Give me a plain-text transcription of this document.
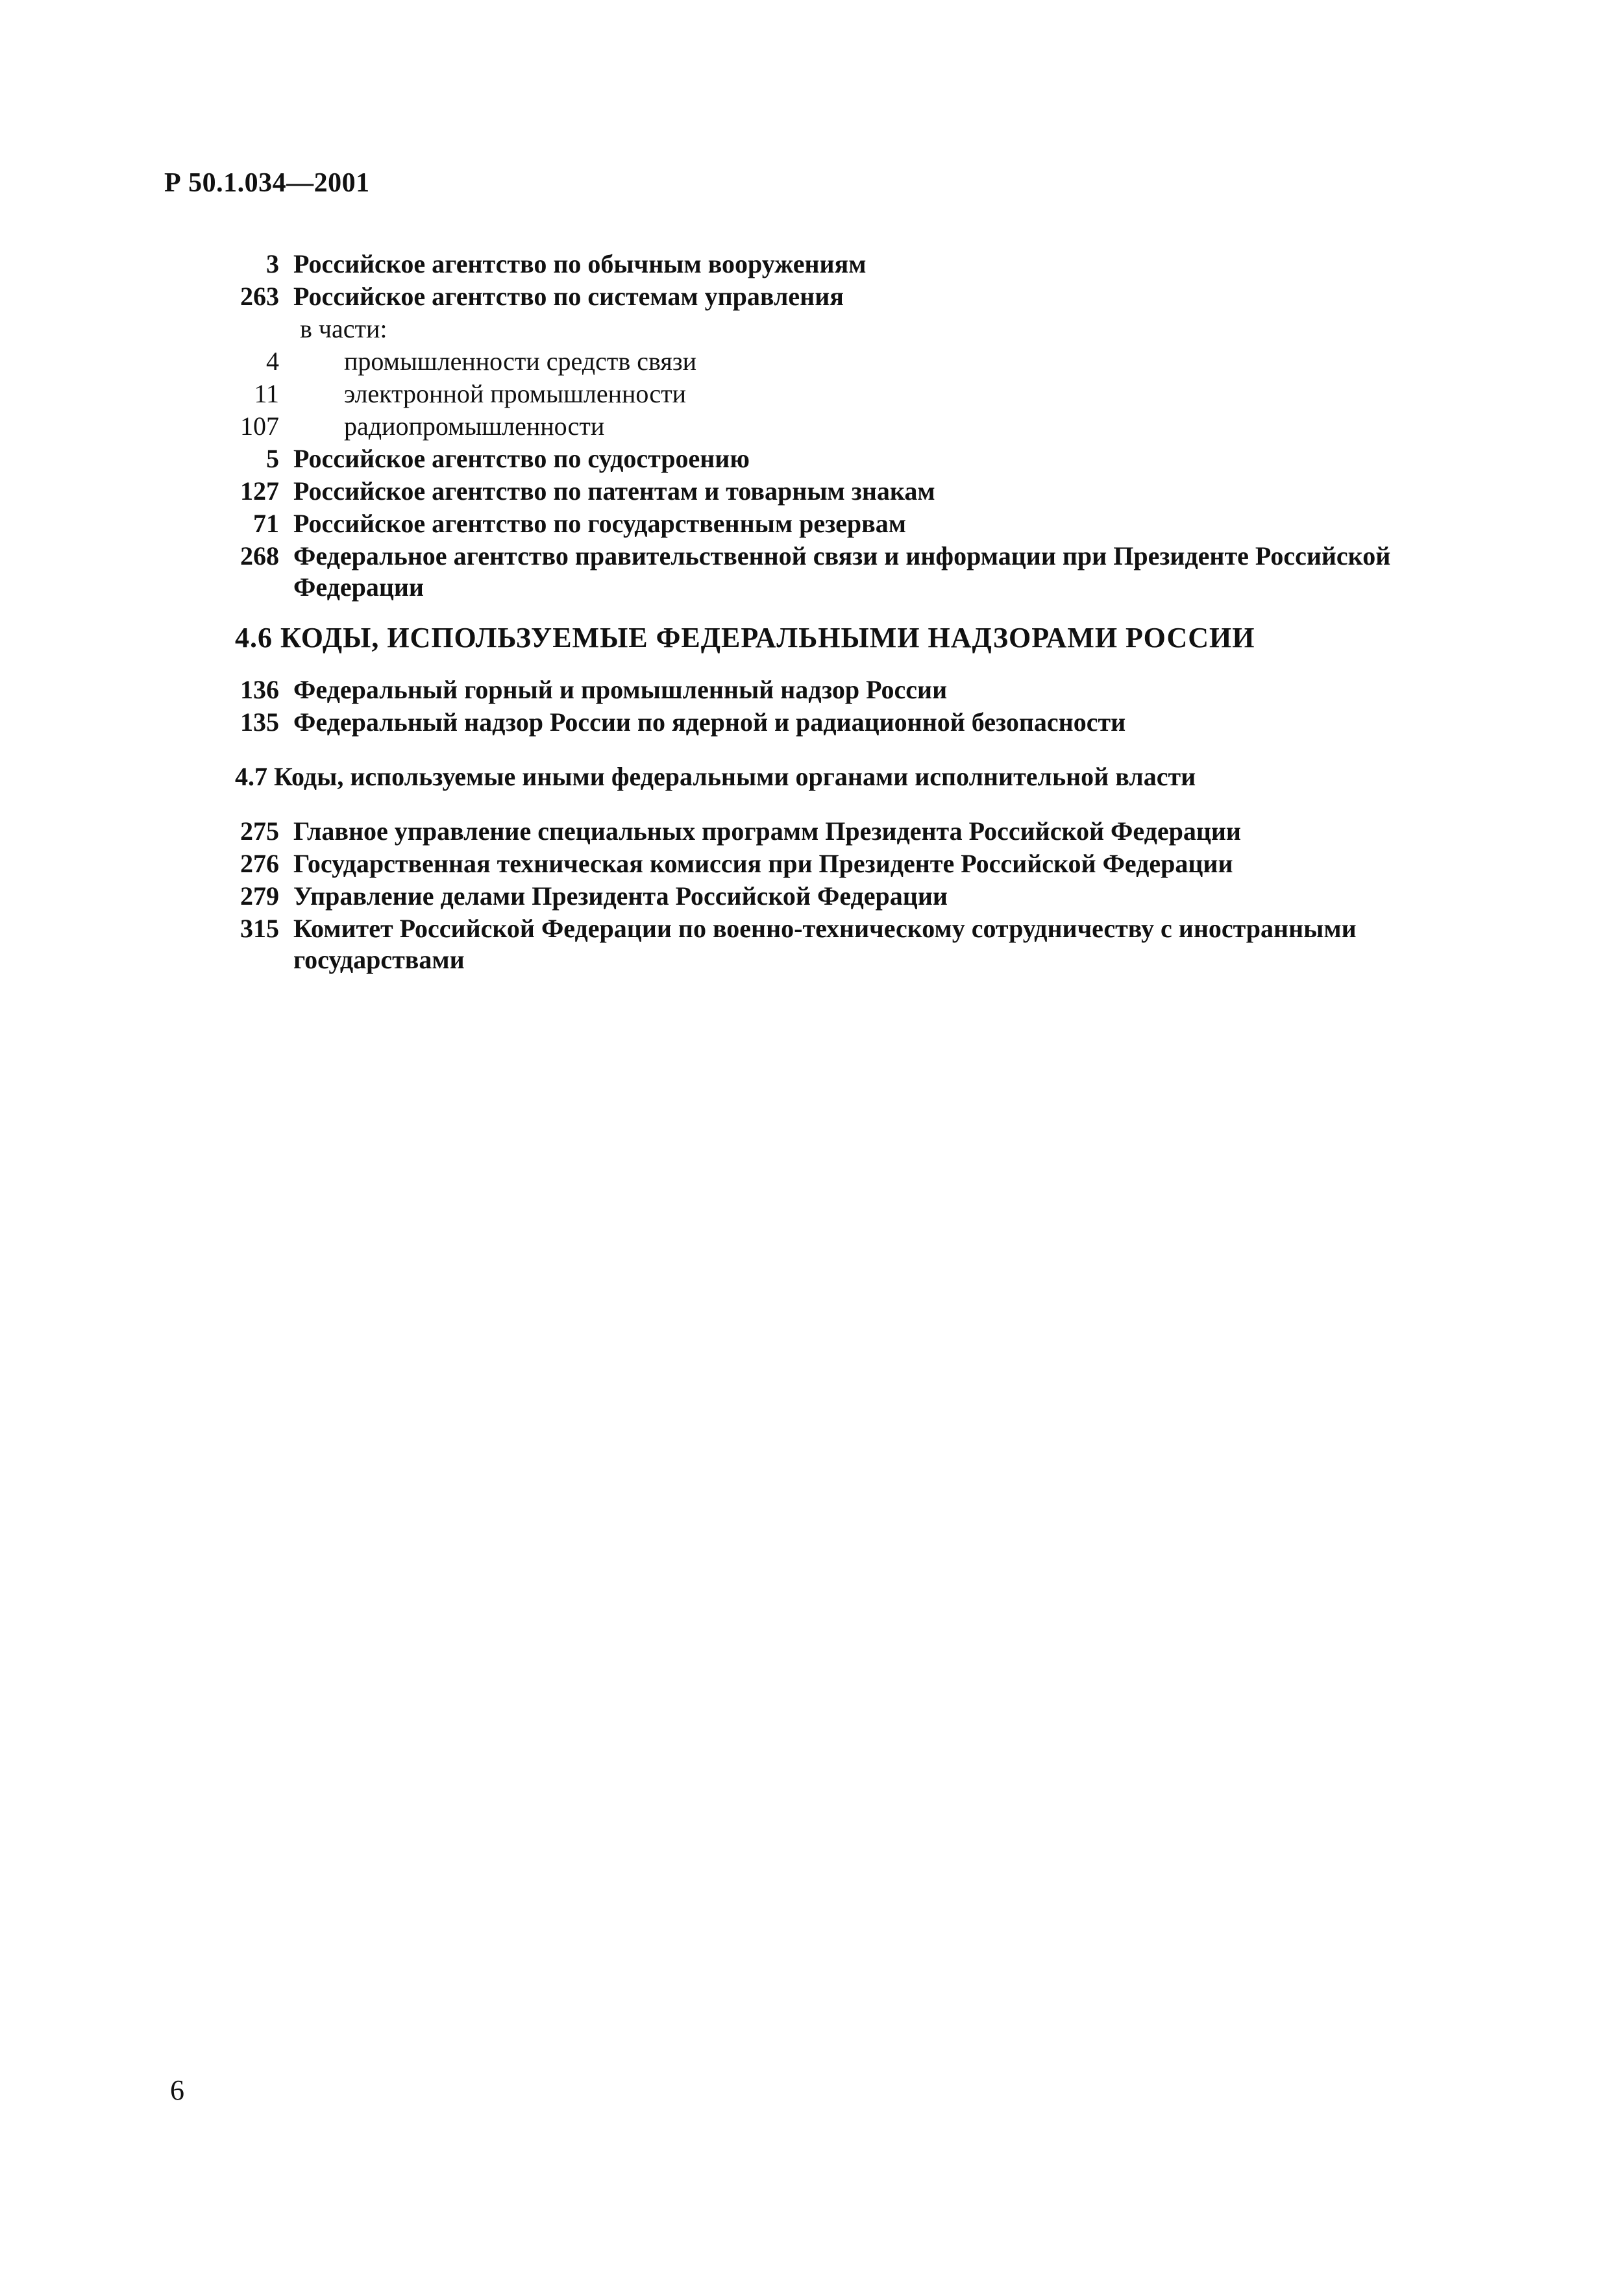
Р 50.1.034—2001
3 Российское агентство по обычным вооружениям
263 Российское агентство по системам управления
в части:
4	промышленности средств связи
11	электронной промышленности
107	радиопромышленности
5 Российское агентство по судостроению
127 Российское агентство по патентам и товарным знакам
71 Российское агентство по государственным резервам
268 Федеральное агентство правительственной связи и информации при Президенте Российской
Федерации
4.6 КОДЫ, ИСПОЛЬЗУЕМЫЕ ФЕДЕРАЛЬНЫМИ НАДЗОРАМИ РОССИИ
136 Федеральный горный и промышленный надзор России
135 Федеральный надзор России по ядерной и радиационной безопасности
4.7 Коды, используемые иными федеральными органами исполнительной власти
275 Главное управление специальных программ Президента Российской Федерации
276 Государственная техническая комиссия при Президенте Российской Федерации
279 Управление делами Президента Российской Федерации
315 Комитет Российской Федерации по военно-техническому сотрудничеству с иностранными
государствами
6
